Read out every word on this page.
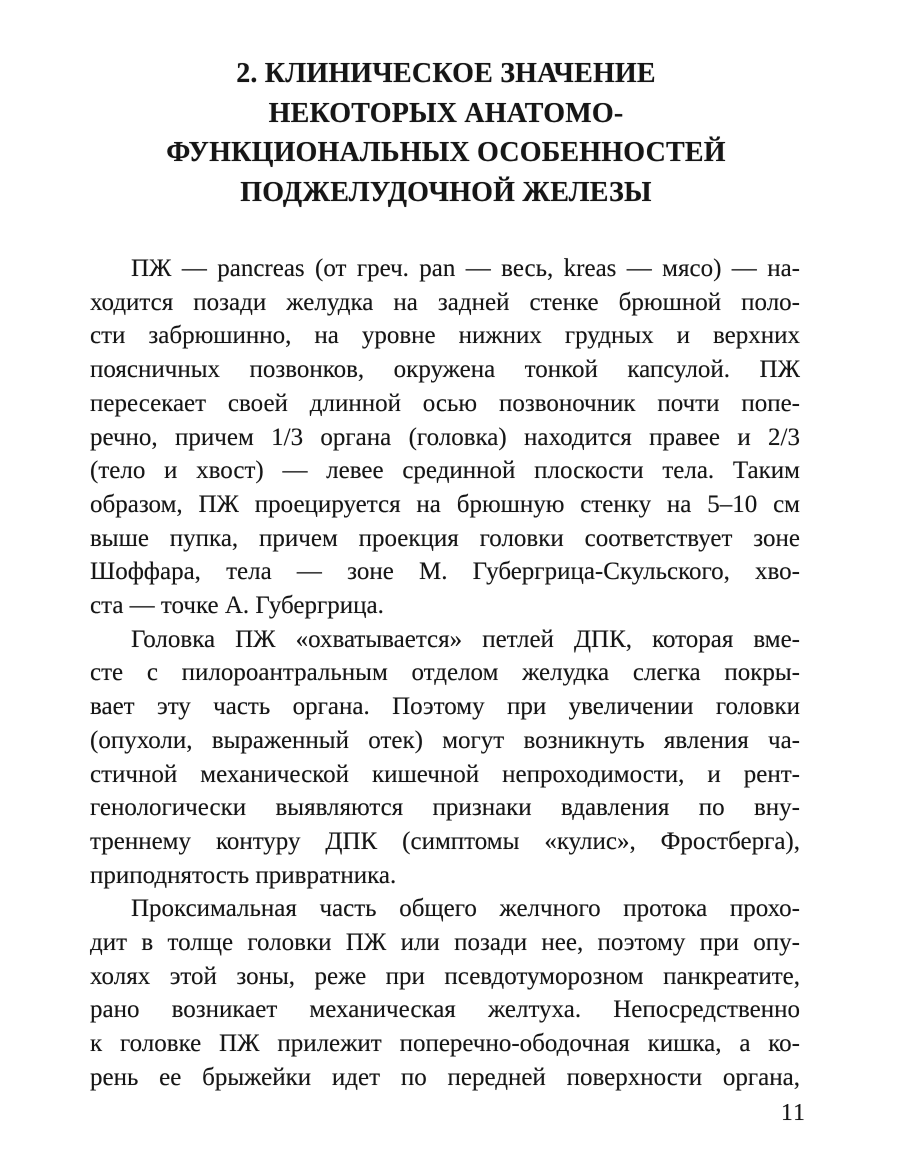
2. КЛИНИЧЕСКОЕ ЗНАЧЕНИЕ
НЕКОТОРЫХ АНАТОМО-
ФУНКЦИОНАЛЬНЫХ ОСОБЕННОСТЕЙ
ПОДЖЕЛУДОЧНОЙ ЖЕЛЕЗЫ
ПЖ — pancreas (от греч. pan — весь, kreas — мясо) — на-
ходится позади желудка на задней стенке брюшной поло-
сти забрюшинно, на уровне нижних грудных и верхних
поясничных позвонков, окружена тонкой капсулой. ПЖ
пересекает своей длинной осью позвоночник почти попе-
речно, причем 1/3 органа (головка) находится правее и 2/3
(тело и хвост) — левее срединной плоскости тела. Таким
образом, ПЖ проецируется на брюшную стенку на 5–10 см
выше пупка, причем проекция головки соответствует зоне
Шоффара, тела — зоне М. Губергрица-Скульского, хво-
ста — точке А. Губергрица.
Головка ПЖ «охватывается» петлей ДПК, которая вме-
сте с пилороантральным отделом желудка слегка покры-
вает эту часть органа. Поэтому при увеличении головки
(опухоли, выраженный отек) могут возникнуть явления ча-
стичной механической кишечной непроходимости, и рент-
генологически выявляются признаки вдавления по вну-
треннему контуру ДПК (симптомы «кулис», Фростберга),
приподнятость привратника.
Проксимальная часть общего желчного протока прохо-
дит в толще головки ПЖ или позади нее, поэтому при опу-
холях этой зоны, реже при псевдотуморозном панкреатите,
рано возникает механическая желтуха. Непосредственно
к головке ПЖ прилежит поперечно-ободочная кишка, а ко-
рень ее брыжейки идет по передней поверхности органа,
11
